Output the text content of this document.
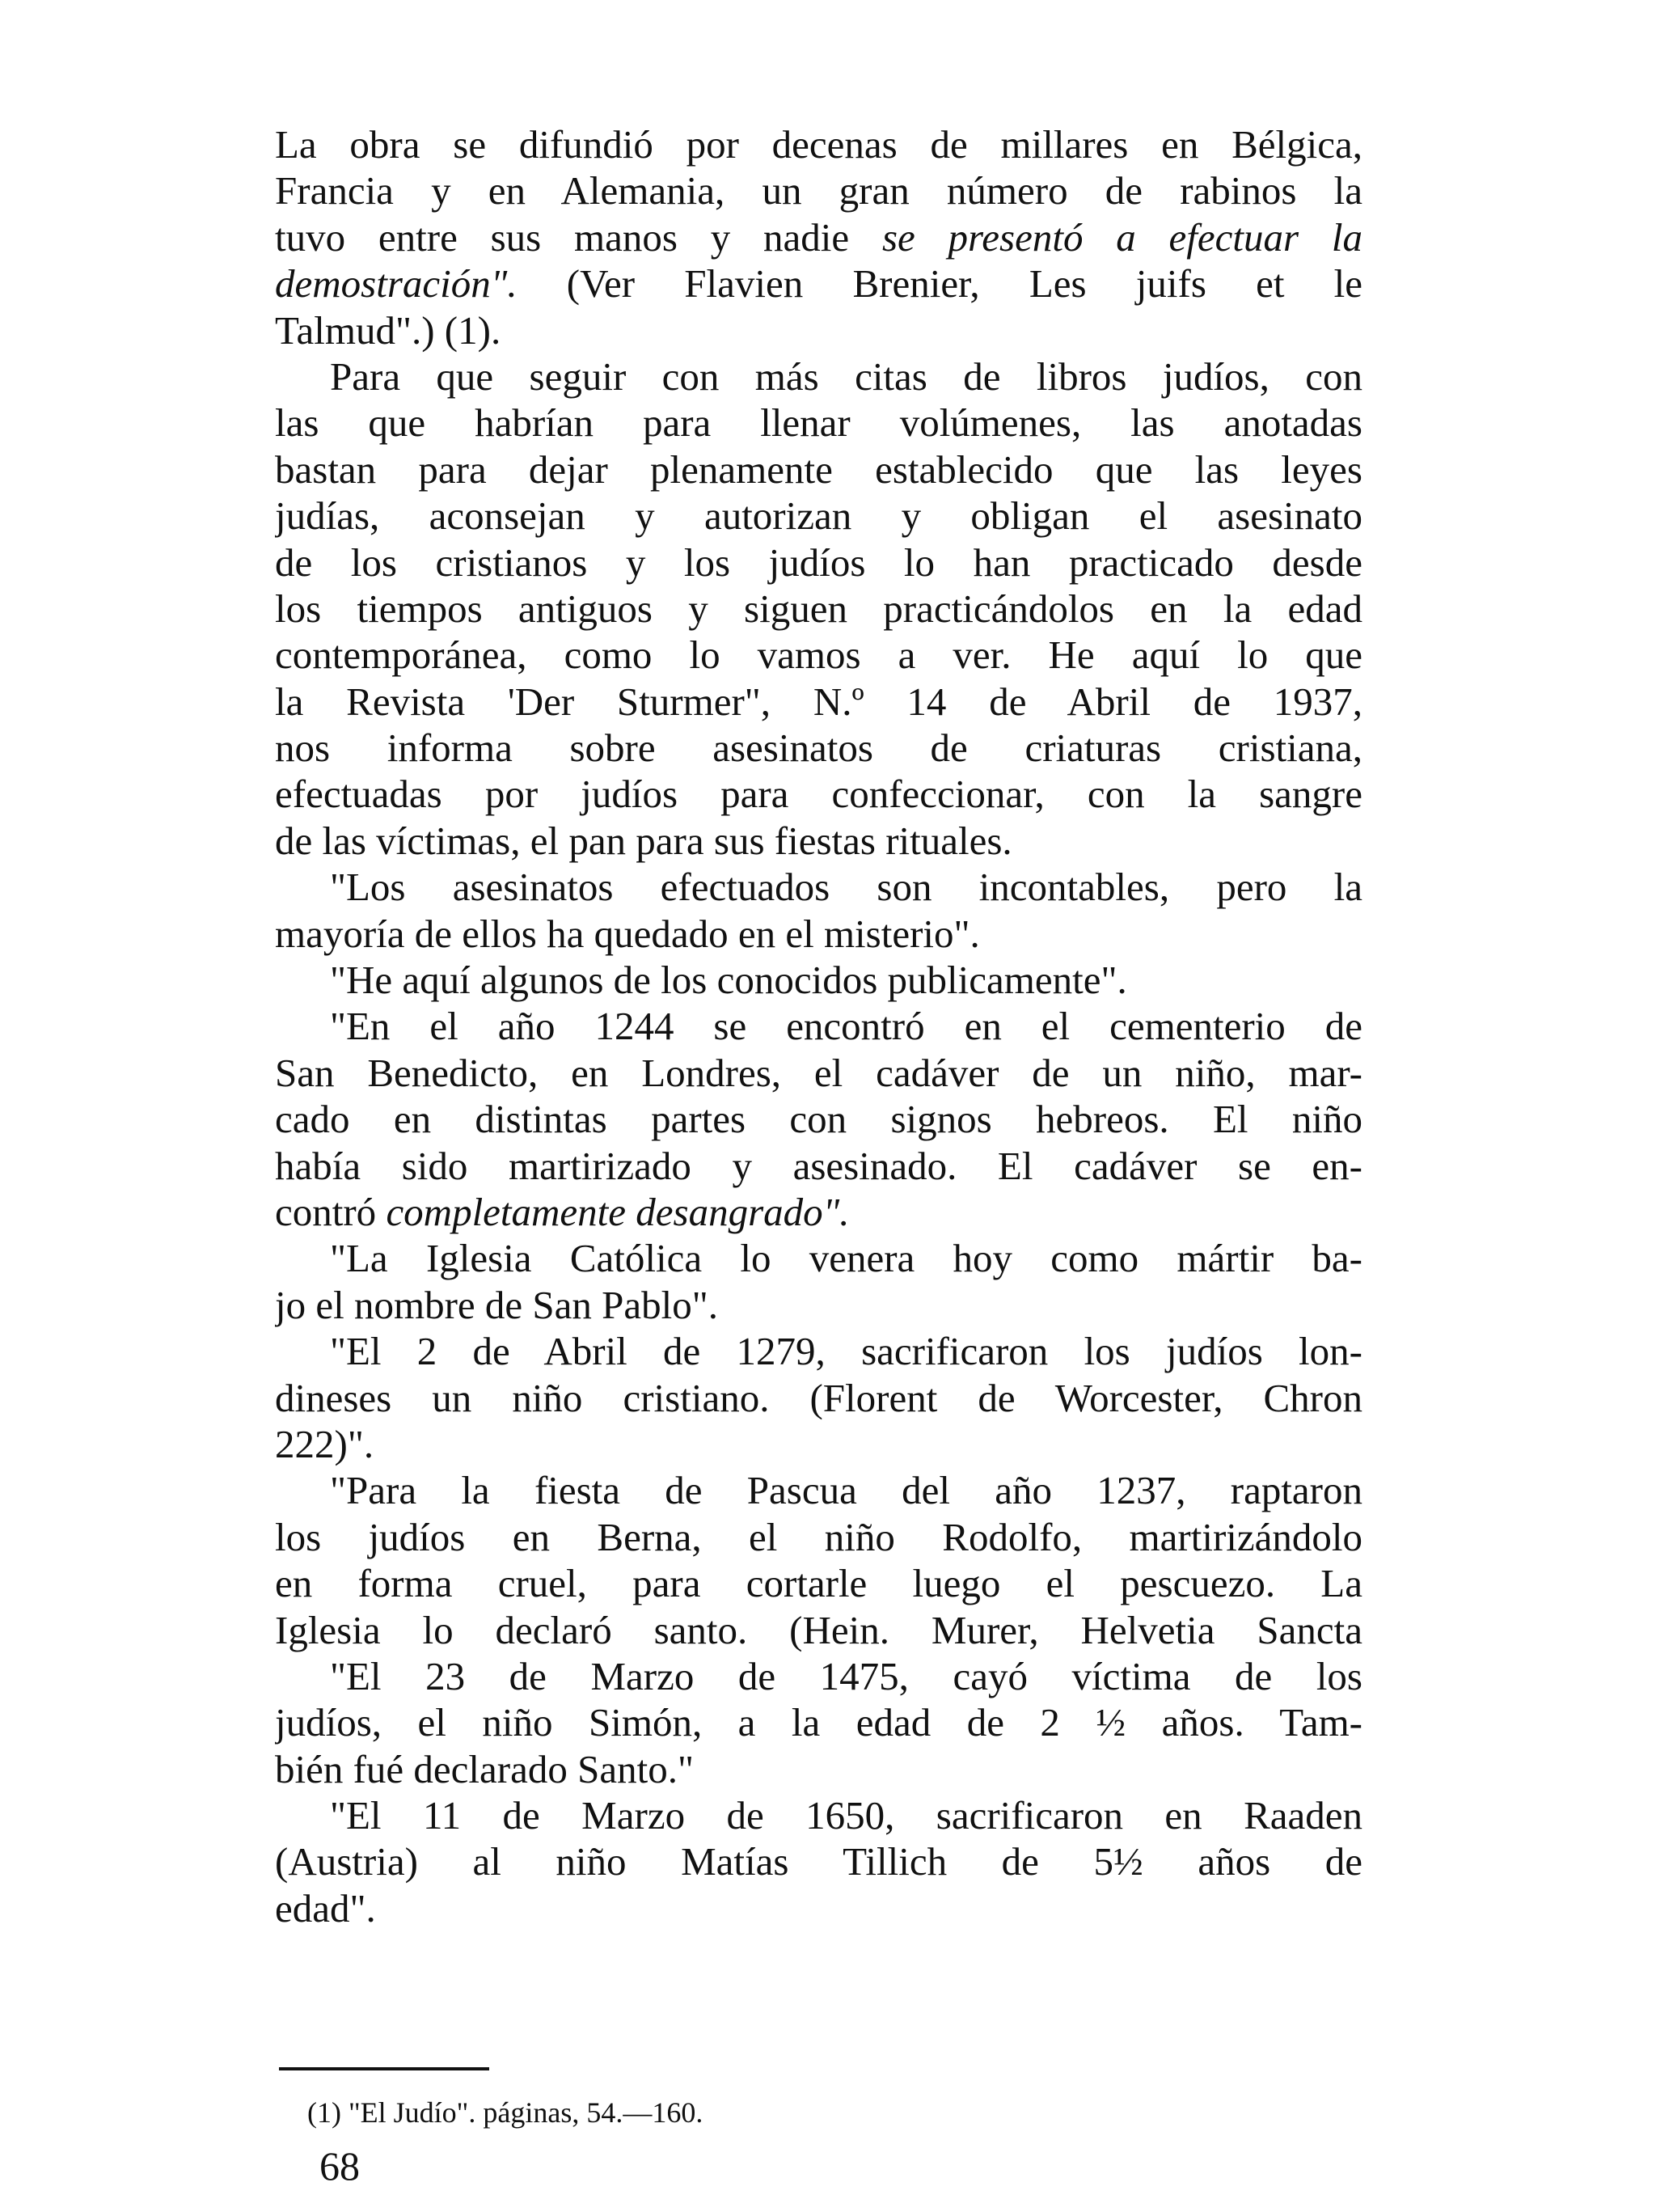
La obra se difundió por decenas de millares en Bélgica,
Francia y en Alemania, un gran número de rabinos la
tuvo entre sus manos y nadie se presentó a efectuar la
demostración". (Ver Flavien Brenier, Les juifs et le
Talmud".) (1).
Para que seguir con más citas de libros judíos, con
las que habrían para llenar volúmenes, las anotadas
bastan para dejar plenamente establecido que las leyes
judías, aconsejan y autorizan y obligan el asesinato
de los cristianos y los judíos lo han practicado desde
los tiempos antiguos y siguen practicándolos en la edad
contemporánea, como lo vamos a ver. He aquí lo que
la Revista 'Der Sturmer", N.º 14 de Abril de 1937,
nos informa sobre asesinatos de criaturas cristiana,
efectuadas por judíos para confeccionar, con la sangre
de las víctimas, el pan para sus fiestas rituales.
"Los asesinatos efectuados son incontables, pero la
mayoría de ellos ha quedado en el misterio".
"He aquí algunos de los conocidos publicamente".
"En el año 1244 se encontró en el cementerio de
San Benedicto, en Londres, el cadáver de un niño, mar-
cado en distintas partes con signos hebreos. El niño
había sido martirizado y asesinado. El cadáver se en-
contró completamente desangrado".
"La Iglesia Católica lo venera hoy como mártir ba-
jo el nombre de San Pablo".
"El 2 de Abril de 1279, sacrificaron los judíos lon-
dineses un niño cristiano. (Florent de Worcester, Chron
222)".
"Para la fiesta de Pascua del año 1237, raptaron
los judíos en Berna, el niño Rodolfo, martirizándolo
en forma cruel, para cortarle luego el pescuezo. La
Iglesia lo declaró santo. (Hein. Murer, Helvetia Sancta
"El 23 de Marzo de 1475, cayó víctima de los
judíos, el niño Simón, a la edad de 2 ½ años. Tam-
bién fué declarado Santo."
"El 11 de Marzo de 1650, sacrificaron en Raaden
(Austria) al niño Matías Tillich de 5½ años de
edad".
(1) "El Judío". páginas, 54.—160.
68
